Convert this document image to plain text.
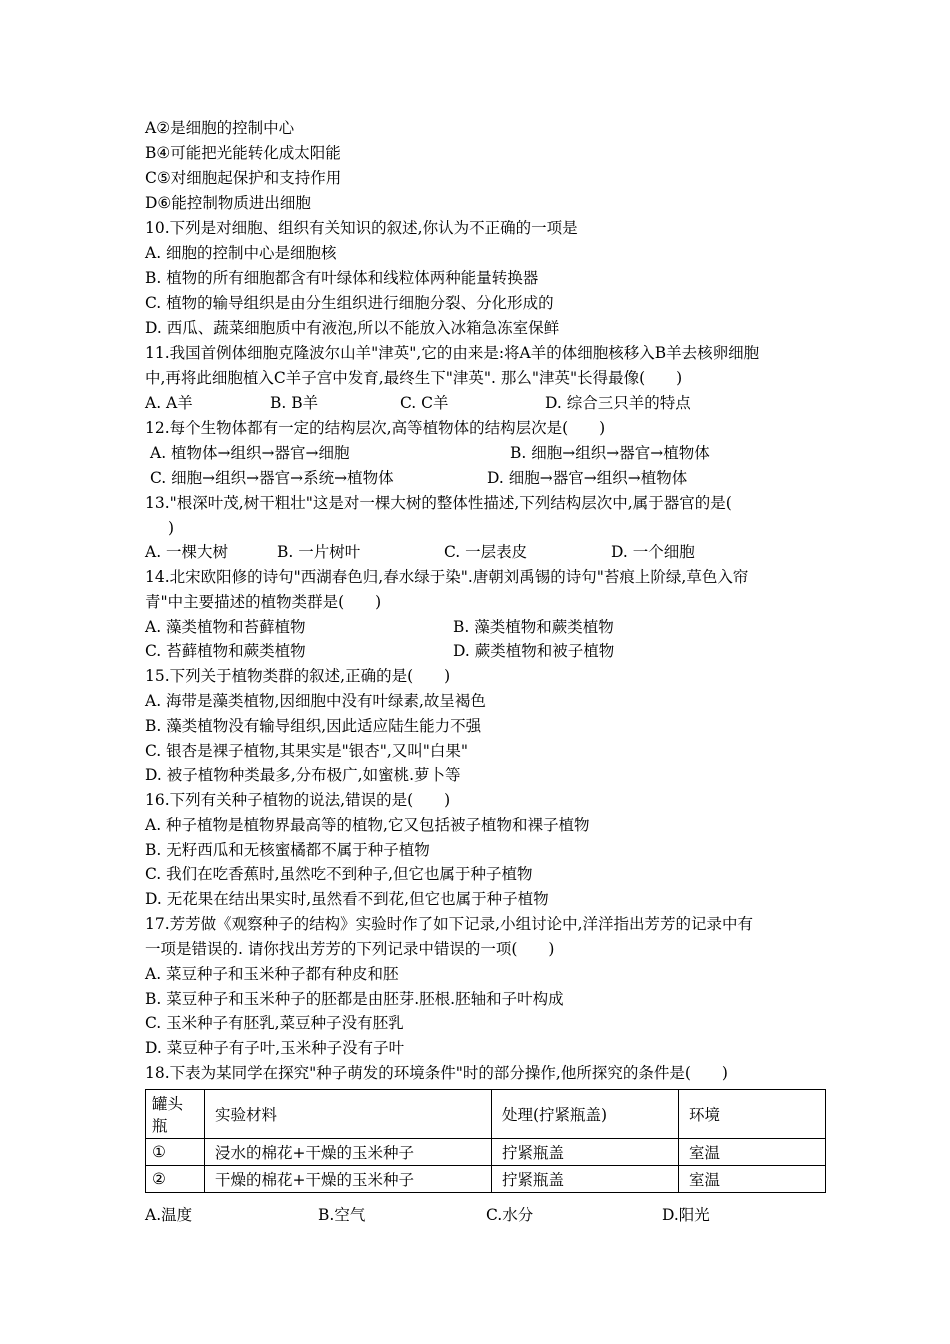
A②是细胞的控制中心
B④可能把光能转化成太阳能
C⑤对细胞起保护和支持作用
D⑥能控制物质进出细胞
10.下列是对细胞、组织有关知识的叙述,你认为不正确的一项是
A. 细胞的控制中心是细胞核
B. 植物的所有细胞都含有叶绿体和线粒体两种能量转换器
C. 植物的输导组织是由分生组织进行细胞分裂、分化形成的
D. 西瓜、蔬菜细胞质中有液泡,所以不能放入冰箱急冻室保鲜
11.我国首例体细胞克隆波尔山羊"津英",它的由来是:将A羊的体细胞核移入B羊去核卵细胞
中,再将此细胞植入C羊子宫中发育,最终生下"津英". 那么"津英"长得最像(　　)
A. A羊	B. B羊	C. C羊	D. 综合三只羊的特点
12.每个生物体都有一定的结构层次,高等植物体的结构层次是(　　)
A. 植物体→组织→器官→细胞	B. 细胞→组织→器官→植物体
C. 细胞→组织→器官→系统→植物体	D. 细胞→器官→组织→植物体
13."根深叶茂,树干粗壮"这是对一棵大树的整体性描述,下列结构层次中,属于器官的是(
)
A. 一棵大树	B. 一片树叶	C. 一层表皮	D. 一个细胞
14.北宋欧阳修的诗句"西湖春色归,春水绿于染".唐朝刘禹锡的诗句"苔痕上阶绿,草色入帘
青"中主要描述的植物类群是(　　)
A. 藻类植物和苔藓植物	B. 藻类植物和蕨类植物
C. 苔藓植物和蕨类植物	D. 蕨类植物和被子植物
15.下列关于植物类群的叙述,正确的是(　　)
A. 海带是藻类植物,因细胞中没有叶绿素,故呈褐色
B. 藻类植物没有输导组织,因此适应陆生能力不强
C. 银杏是裸子植物,其果实是"银杏",又叫"白果"
D. 被子植物种类最多,分布极广,如蜜桃.萝卜等
16.下列有关种子植物的说法,错误的是(　　)
A. 种子植物是植物界最高等的植物,它又包括被子植物和裸子植物
B. 无籽西瓜和无核蜜橘都不属于种子植物
C. 我们在吃香蕉时,虽然吃不到种子,但它也属于种子植物
D. 无花果在结出果实时,虽然看不到花,但它也属于种子植物
17.芳芳做《观察种子的结构》实验时作了如下记录,小组讨论中,洋洋指出芳芳的记录中有
一项是错误的. 请你找出芳芳的下列记录中错误的一项(　　)
A. 菜豆种子和玉米种子都有种皮和胚
B. 菜豆种子和玉米种子的胚都是由胚芽.胚根.胚轴和子叶构成
C. 玉米种子有胚乳,菜豆种子没有胚乳
D. 菜豆种子有子叶,玉米种子没有子叶
18.下表为某同学在探究"种子萌发的环境条件"时的部分操作,他所探究的条件是(　　)
罐头瓶	实验材料	处理(拧紧瓶盖)	环境
①	浸水的棉花+干燥的玉米种子	拧紧瓶盖	室温
②	干燥的棉花+干燥的玉米种子	拧紧瓶盖	室温
A.温度	B.空气	C.水分	D.阳光
